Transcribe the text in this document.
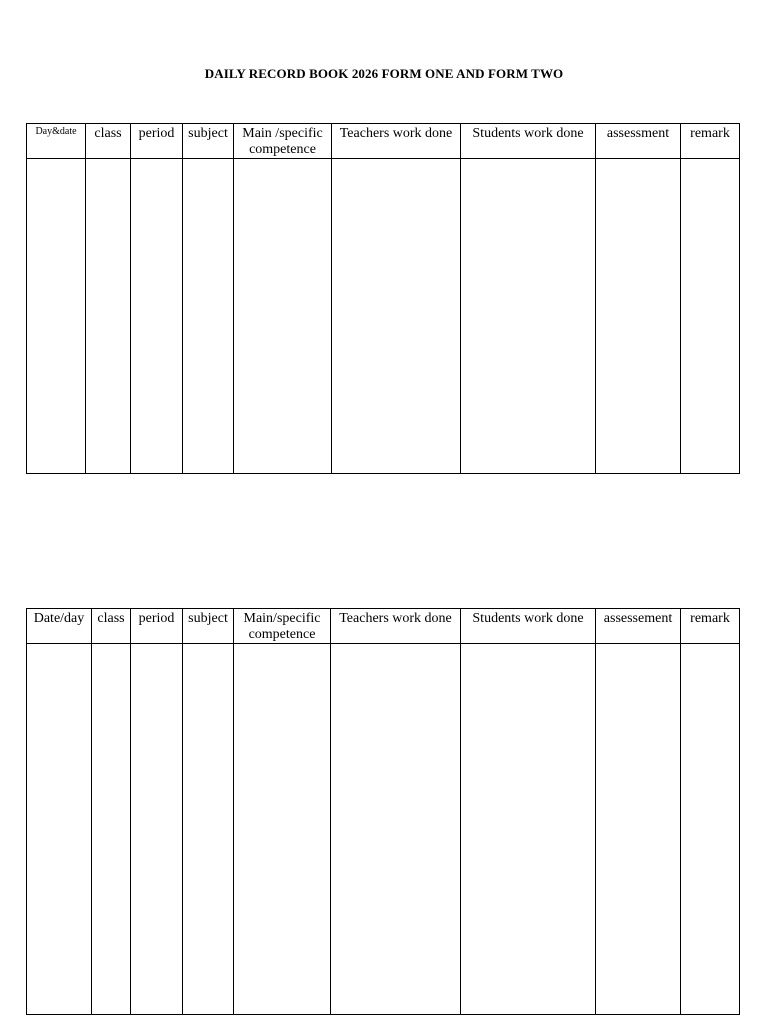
DAILY RECORD BOOK 2026 FORM ONE AND FORM TWO
Day&date	class	period	subject	Main /specific competence	Teachers work done	Students work done	assessment	remark

Date/day	class	period	subject	Main/specific competence	Teachers work done	Students work done	assessement	remark
